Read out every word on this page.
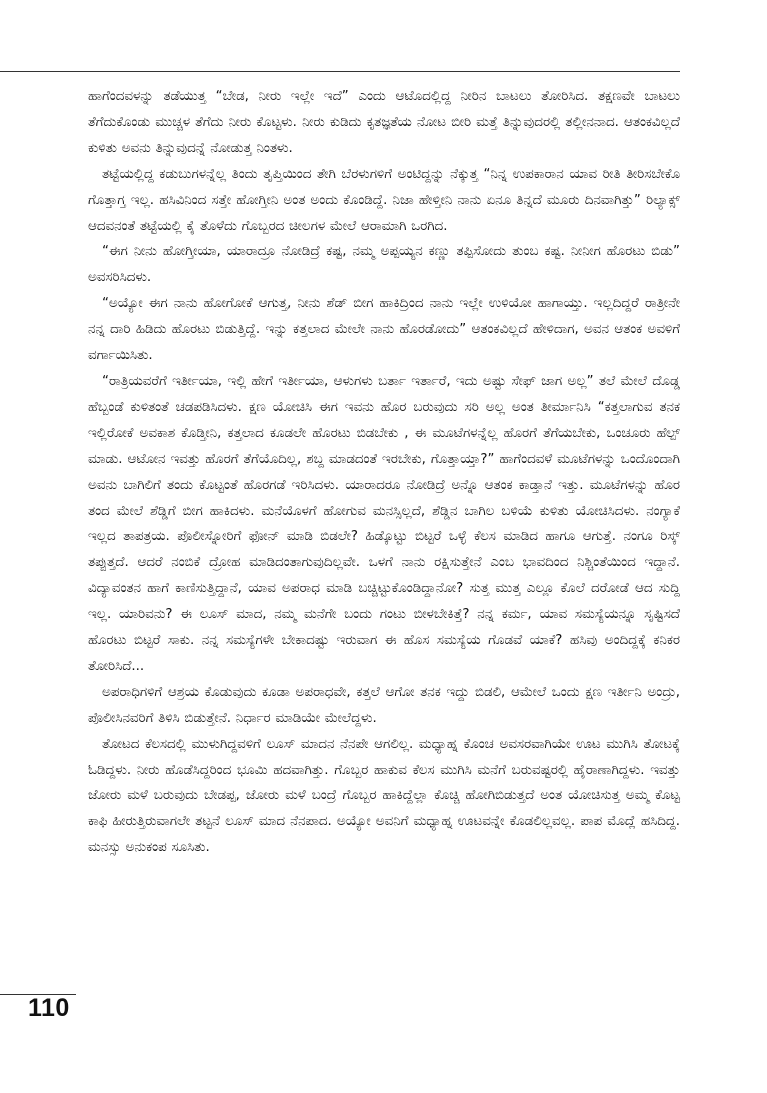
ಹಾಗೆಂದವಳನ್ನು ತಡೆಯುತ್ತ “ಬೇಡ, ನೀರು ಇಲ್ಲೇ ಇದೆ” ಎಂದು ಆಟೊದಲ್ಲಿದ್ದ ನೀರಿನ ಬಾಟಲು ತೋರಿಸಿದ. ತಕ್ಷಣವೇ ಬಾಟಲು ತೆಗೆದುಕೊಂಡು ಮುಚ್ಚಳ ತೆಗೆದು ನೀರು ಕೊಟ್ಟಳು. ನೀರು ಕುಡಿದು ಕೃತಜ್ಞತೆಯ ನೋಟ ಬೀರಿ ಮತ್ತೆ ತಿನ್ನುವುದರಲ್ಲಿ ತಲ್ಲೀನನಾದ. ಆತಂಕವಿಲ್ಲದೆ ಕುಳಿತು ಅವನು ತಿನ್ನುವುದನ್ನೆ ನೋಡುತ್ತ ನಿಂತಳು.

ತಟ್ಟೆಯಲ್ಲಿದ್ದ ಕಡುಬುಗಳನ್ನೆಲ್ಲ ತಿಂದು ತೃಪ್ತಿಯಿಂದ ತೇಗಿ ಬೆರಳುಗಳಿಗೆ ಅಂಟಿದ್ದನ್ನು ನೆಕ್ಕುತ್ತ “ನಿನ್ನ ಉಪಕಾರಾನ ಯಾವ ರೀತಿ ತೀರಿಸಬೇಕೊ ಗೊತ್ತಾಗ್ತ ಇಲ್ಲ. ಹಸಿವಿನಿಂದ ಸತ್ತೇ ಹೋಗ್ತೀನಿ ಅಂತ ಅಂದು ಕೊಂಡಿದ್ದೆ. ನಿಜಾ ಹೇಳ್ತೀನಿ ನಾನು ಏನೂ ತಿನ್ನದೆ ಮೂರು ದಿನವಾಗಿತ್ತು” ರಿಲ್ಯಾಕ್ಸ್ ಆದವನಂತೆ ತಟ್ಟೆಯಲ್ಲಿ ಕೈ ತೊಳೆದು ಗೊಬ್ಬರದ ಚೀಲಗಳ ಮೇಲೆ ಆರಾಮಾಗಿ ಒರಗಿದ.

“ಈಗ ನೀನು ಹೋಗ್ತೀಯಾ, ಯಾರಾದ್ರೂ ನೋಡಿದ್ರೆ ಕಷ್ಟ, ನಮ್ಮ ಅಪ್ಪಯ್ಯನ ಕಣ್ಣು ತಪ್ಪಿಸೋದು ತುಂಬ ಕಷ್ಟ. ನೀನೀಗ ಹೊರಟು ಬಿಡು” ಅವಸರಿಸಿದಳು.

“ಅಯ್ಯೋ ಈಗ ನಾನು ಹೋಗೋಕೆ ಆಗುತ್ತ, ನೀನು ಶೆಡ್ ಬೀಗ ಹಾಕಿದ್ರಿಂದ ನಾನು ಇಲ್ಲೇ ಉಳಿಯೋ ಹಾಗಾಯ್ತು. ಇಲ್ಲದಿದ್ದರೆ ರಾತ್ರೀನೇ ನನ್ನ ದಾರಿ ಹಿಡಿದು ಹೊರಟು ಬಿಡುತ್ತಿದ್ದೆ. ಇನ್ನು ಕತ್ತಲಾದ ಮೇಲೇ ನಾನು ಹೊರಡೋದು” ಆತಂಕವಿಲ್ಲದೆ ಹೇಳಿದಾಗ, ಅವನ ಆತಂಕ ಅವಳಿಗೆ ವರ್ಗಾಯಿಸಿತು.

“ರಾತ್ರಿಯವರೆಗೆ ಇರ್ತೀಯಾ, ಇಲ್ಲಿ ಹೇಗೆ ಇರ್ತೀಯಾ, ಆಳುಗಳು ಬರ್ತಾ ಇರ್ತಾರೆ, ಇದು ಅಷ್ಟು ಸೇಫ್ ಜಾಗ ಅಲ್ಲ” ತಲೆ ಮೇಲೆ ದೊಡ್ಡ ಹೆಬ್ಬಂಡೆ ಕುಳಿತಂತೆ ಚಡಪಡಿಸಿದಳು. ಕ್ಷಣ ಯೋಚಿಸಿ ಈಗ ಇವನು ಹೊರ ಬರುವುದು ಸರಿ ಅಲ್ಲ ಅಂತ ತೀರ್ಮಾನಿಸಿ “ಕತ್ತಲಾಗುವ ತನಕ ಇಲ್ಲಿರೋಕೆ ಅವಕಾಶ ಕೊಡ್ತೀನಿ, ಕತ್ತಲಾದ ಕೂಡಲೇ ಹೊರಟು ಬಿಡಬೇಕು , ಈ ಮೂಟೆಗಳನ್ನೆಲ್ಲ ಹೊರಗೆ ತೆಗೆಯಬೇಕು, ಒಂಚೂರು ಹೆಲ್ಪ್ ಮಾಡು. ಆಟೋನ ಇವತ್ತು ಹೊರಗೆ ತೆಗೆಯೊದಿಲ್ಲ, ಶಬ್ದ ಮಾಡದಂತೆ ಇರಬೇಕು, ಗೊತ್ತಾಯ್ತಾ?” ಹಾಗೆಂದವಳೆ ಮೂಟೆಗಳನ್ನು ಒಂದೊಂದಾಗಿ ಅವನು ಬಾಗಿಲಿಗೆ ತಂದು ಕೊಟ್ಟಂತೆ ಹೊರಗಡೆ ಇರಿಸಿದಳು. ಯಾರಾದರೂ ನೋಡಿದ್ರೆ ಅನ್ನೊ ಆತಂಕ ಕಾಡ್ತಾನೆ ಇತ್ತು. ಮೂಟೆಗಳನ್ನು ಹೊರ ತಂದ ಮೇಲೆ ಶೆಡ್ಡಿಗೆ ಬೀಗ ಹಾಕಿದಳು. ಮನೆಯೊಳಗೆ ಹೋಗುವ ಮನಸ್ಸಿಲ್ಲದೆ, ಶೆಡ್ಡಿನ ಬಾಗಿಲ ಬಳಿಯೆ ಕುಳಿತು ಯೋಚಿಸಿದಳು. ನಂಗ್ಯಾಕೆ ಇಲ್ಲದ ತಾಪತ್ರಯ. ಪೊಲೀಸ್ನೋರಿಗೆ ಫೋನ್ ಮಾಡಿ ಬಿಡಲೇ? ಹಿಡ್ಕೊಟ್ಟು ಬಿಟ್ಟರೆ ಒಳ್ಳೆ ಕೆಲಸ ಮಾಡಿದ ಹಾಗೂ ಆಗುತ್ತೆ. ನಂಗೂ ರಿಸ್ಕ್ ತಪ್ಪುತ್ತದೆ. ಆದರೆ ನಂಬಿಕೆ ದ್ರೋಹ ಮಾಡಿದಂತಾಗುವುದಿಲ್ಲವೇ. ಒಳಗೆ ನಾನು ರಕ್ಷಿಸುತ್ತೇನೆ ಎಂಬ ಭಾವದಿಂದ ನಿಶ್ಚಿಂತೆಯಿಂದ ಇದ್ದಾನೆ. ವಿದ್ಯಾವಂತನ ಹಾಗೆ ಕಾಣಿಸುತ್ತಿದ್ದಾನೆ, ಯಾವ ಅಪರಾಧ ಮಾಡಿ ಬಚ್ಚಿಟ್ಟುಕೊಂಡಿದ್ದಾನೋ? ಸುತ್ತ ಮುತ್ತ ಎಲ್ಲೂ ಕೊಲೆ ದರೋಡೆ ಆದ ಸುದ್ದಿ ಇಲ್ಲ. ಯಾರಿವನು? ಈ ಲೂಸ್ ಮಾದ, ನಮ್ಮ ಮನೆಗೇ ಬಂದು ಗಂಟು ಬೀಳಬೇಕಿತ್ತೆ? ನನ್ನ ಕರ್ಮ, ಯಾವ ಸಮಸ್ಯೆಯನ್ನೂ ಸೃಷ್ಟಿಸದೆ ಹೊರಟು ಬಿಟ್ಟರೆ ಸಾಕು. ನನ್ನ ಸಮಸ್ಯೆಗಳೇ ಬೇಕಾದಷ್ಟು ಇರುವಾಗ ಈ ಹೊಸ ಸಮಸ್ಯೆಯ ಗೊಡವೆ ಯಾಕೆ? ಹಸಿವು ಅಂದಿದ್ದಕ್ಕೆ ಕನಿಕರ ತೋರಿಸಿದೆ...

ಅಪರಾಧಿಗಳಿಗೆ ಆಶ್ರಯ ಕೊಡುವುದು ಕೂಡಾ ಅಪರಾಧವೇ, ಕತ್ತಲೆ ಆಗೋ ತನಕ ಇದ್ದು ಬಿಡಲಿ, ಆಮೇಲೆ ಒಂದು ಕ್ಷಣ ಇರ್ತೀನಿ ಅಂದ್ರು, ಪೊಲೀಸಿನವರಿಗೆ ತಿಳಿಸಿ ಬಿಡುತ್ತೇನೆ. ನಿರ್ಧಾರ ಮಾಡಿಯೇ ಮೇಲೆದ್ದಳು.

ತೋಟದ ಕೆಲಸದಲ್ಲಿ ಮುಳುಗಿದ್ದವಳಿಗೆ ಲೂಸ್ ಮಾದನ ನೆನಪೇ ಆಗಲಿಲ್ಲ. ಮಧ್ಯಾಹ್ನ ಕೊಂಚ ಅವಸರವಾಗಿಯೇ ಊಟ ಮುಗಿಸಿ ತೋಟಕ್ಕೆ ಓಡಿದ್ದಳು. ನೀರು ಹೊಡೆಸಿದ್ದರಿಂದ ಭೂಮಿ ಹದವಾಗಿತ್ತು. ಗೊಬ್ಬರ ಹಾಕುವ ಕೆಲಸ ಮುಗಿಸಿ ಮನೆಗೆ ಬರುವಷ್ಟರಲ್ಲಿ ಹೈರಾಣಾಗಿದ್ದಳು. ಇವತ್ತು ಜೋರು ಮಳೆ ಬರುವುದು ಬೇಡಪ್ಪ, ಜೋರು ಮಳೆ ಬಂದ್ರೆ ಗೊಬ್ಬರ ಹಾಕಿದ್ದೆಲ್ಲಾ ಕೊಚ್ಚಿ ಹೋಗಿಬಿಡುತ್ತದೆ ಅಂತ ಯೋಚಿಸುತ್ತ ಅಮ್ಮ ಕೊಟ್ಟ ಕಾಫಿ ಹೀರುತ್ತಿರುವಾಗಲೇ ತಟ್ಟನೆ ಲೂಸ್ ಮಾದ ನೆನಪಾದ. ಅಯ್ಯೋ ಅವನಿಗೆ ಮಧ್ಯಾಹ್ನ ಊಟವನ್ನೇ ಕೊಡಲಿಲ್ಲವಲ್ಲ. ಪಾಪ ಮೊದ್ಲೆ ಹಸಿದಿದ್ದ. ಮನಸ್ಸು ಅನುಕಂಪ ಸೂಸಿತು.

110
